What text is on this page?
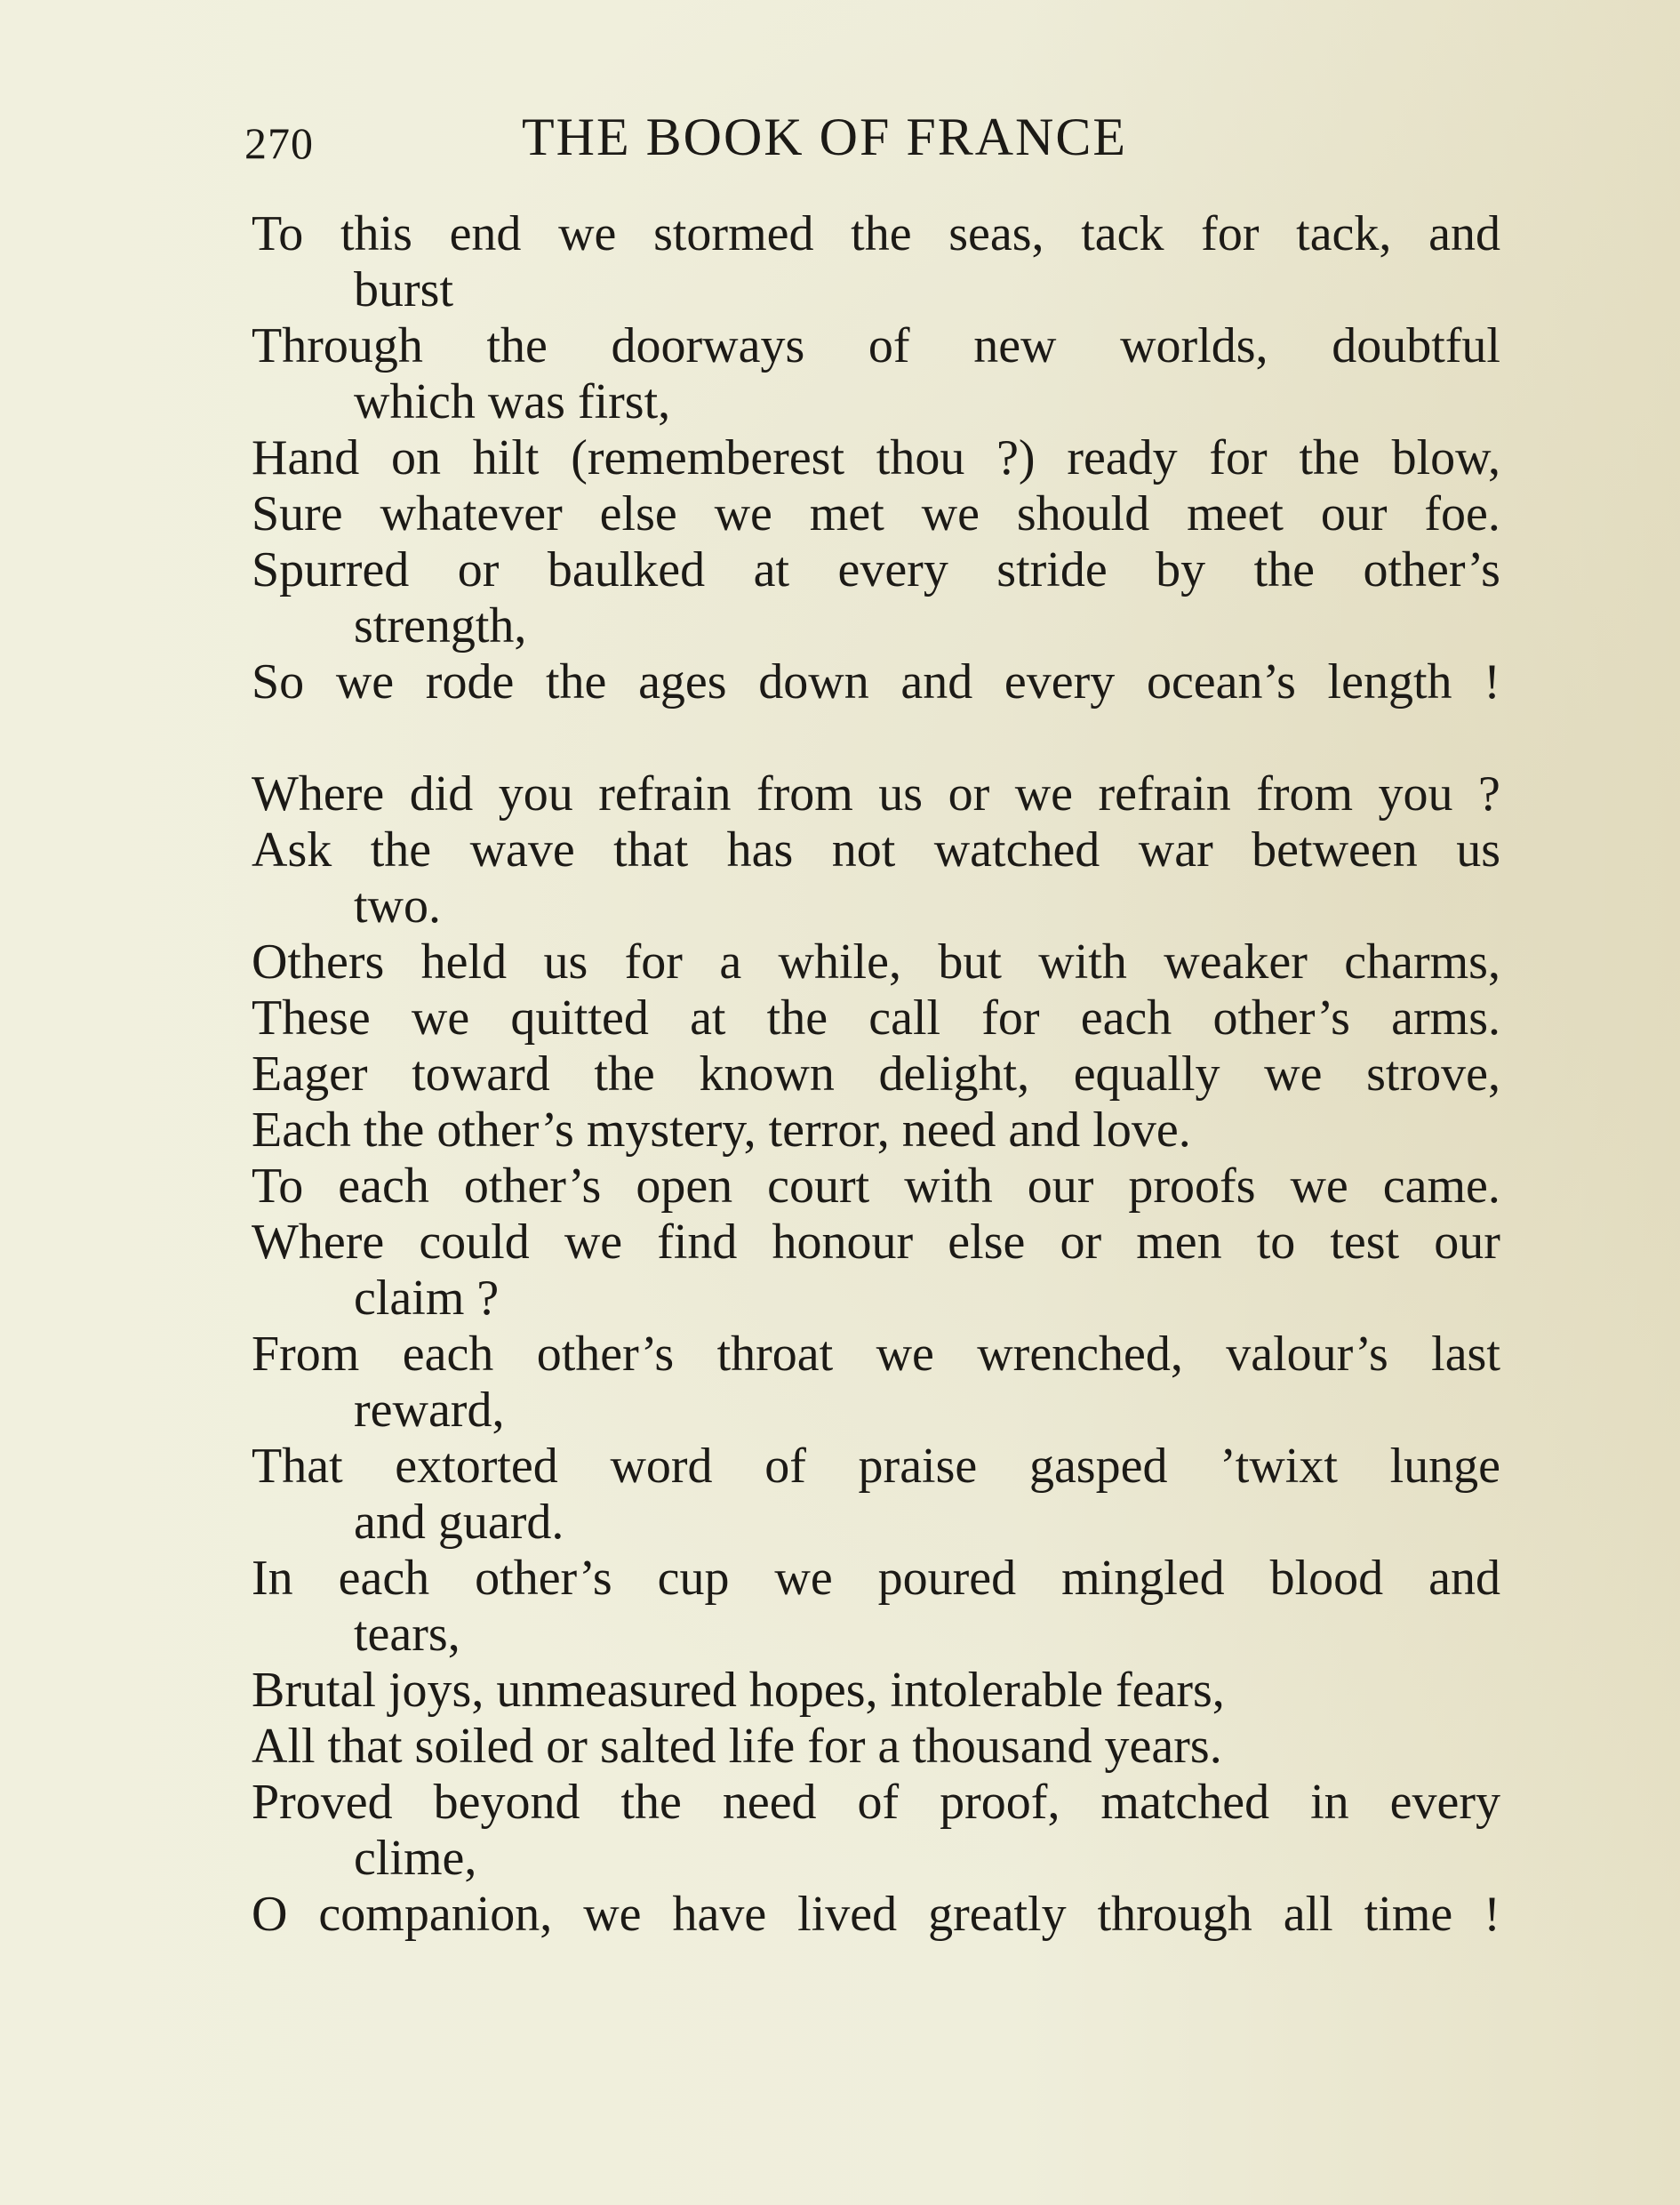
270	THE BOOK OF FRANCE
To this end we stormed the seas, tack for tack, and
burst
Through the doorways of new worlds, doubtful
which was first,
Hand on hilt (rememberest thou ?) ready for the blow,
Sure whatever else we met we should meet our foe.
Spurred or baulked at every stride by the other’s
strength,
So we rode the ages down and every ocean’s length !
Where did you refrain from us or we refrain from you ?
Ask the wave that has not watched war between us
two.
Others held us for a while, but with weaker charms,
These we quitted at the call for each other’s arms.
Eager toward the known delight, equally we strove,
Each the other’s mystery, terror, need and love.
To each other’s open court with our proofs we came.
Where could we find honour else or men to test our
claim ?
From each other’s throat we wrenched, valour’s last
reward,
That extorted word of praise gasped ’twixt lunge
and guard.
In each other’s cup we poured mingled blood and
tears,
Brutal joys, unmeasured hopes, intolerable fears,
All that soiled or salted life for a thousand years.
Proved beyond the need of proof, matched in every
clime,
O companion, we have lived greatly through all time !
